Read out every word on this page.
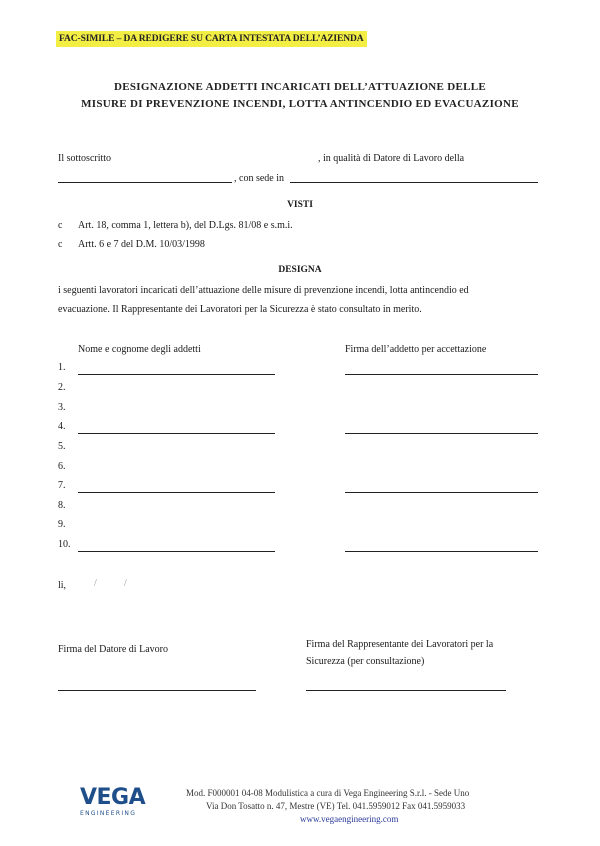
FAC-SIMILE – DA REDIGERE SU CARTA INTESTATA DELL’AZIENDA
DESIGNAZIONE ADDETTI INCARICATI DELL’ATTUAZIONE DELLE
MISURE DI PREVENZIONE INCENDI, LOTTA ANTINCENDIO ED EVACUAZIONE
Il sottoscritto	, in qualità di Datore di Lavoro della
, con sede in
VISTI
c Art. 18, comma 1, lettera b), del D.Lgs. 81/08 e s.m.i.
c Artt. 6 e 7 del D.M. 10/03/1998
DESIGNA
i seguenti lavoratori incaricati dell’attuazione delle misure di prevenzione incendi, lotta antincendio ed
evacuazione. Il Rappresentante dei Lavoratori per la Sicurezza è stato consultato in merito.
Nome e cognome degli addetti	Firma dell’addetto per accettazione
1.
2.
3.
4.
5.
6.
7.
8.
9.
10.
li,	/	/
Firma del Datore di Lavoro	Firma del Rappresentante dei Lavoratori per la
Sicurezza (per consultazione)
VEGA
ENGINEERING
Mod. F000001 04-08 Modulistica a cura di Vega Engineering S.r.l. - Sede Uno
Via Don Tosatto n. 47, Mestre (VE) Tel. 041.5959012 Fax 041.5959033
www.vegaengineering.com
